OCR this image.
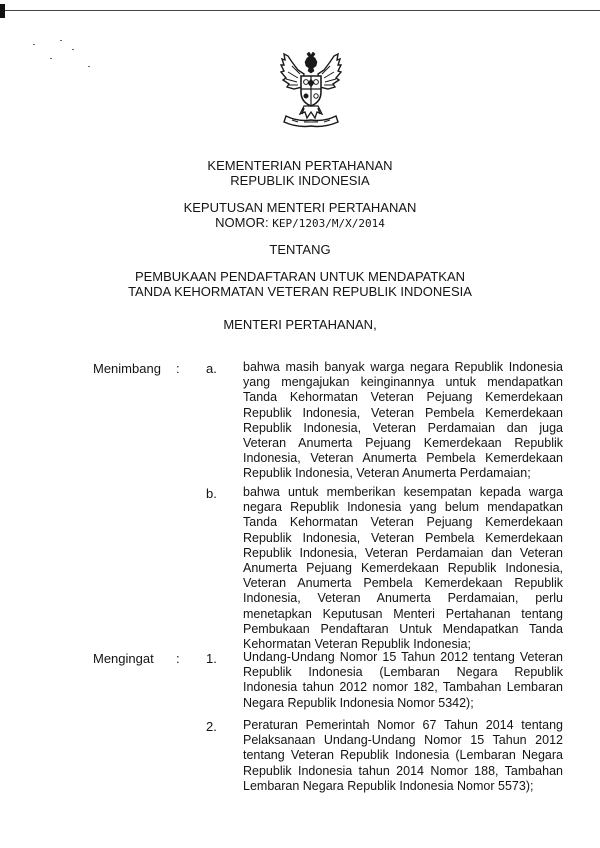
KEMENTERIAN PERTAHANAN
REPUBLIK INDONESIA
KEPUTUSAN MENTERI PERTAHANAN
NOMOR: KEP/1203/M/X/2014
TENTANG
PEMBUKAAN PENDAFTARAN UNTUK MENDAPATKAN
TANDA KEHORMATAN VETERAN REPUBLIK INDONESIA
MENTERI PERTAHANAN,
Menimbang : a. bahwa masih banyak warga negara Republik Indonesia yang mengajukan keinginannya untuk mendapatkan Tanda Kehormatan Veteran Pejuang Kemerdekaan Republik Indonesia, Veteran Pembela Kemerdekaan Republik Indonesia, Veteran Perdamaian dan juga Veteran Anumerta Pejuang Kemerdekaan Republik Indonesia, Veteran Anumerta Pembela Kemerdekaan Republik Indonesia, Veteran Anumerta Perdamaian;
b. bahwa untuk memberikan kesempatan kepada warga negara Republik Indonesia yang belum mendapatkan Tanda Kehormatan Veteran Pejuang Kemerdekaan Republik Indonesia, Veteran Pembela Kemerdekaan Republik Indonesia, Veteran Perdamaian dan Veteran Anumerta Pejuang Kemerdekaan Republik Indonesia, Veteran Anumerta Pembela Kemerdekaan Republik Indonesia, Veteran Anumerta Perdamaian, perlu menetapkan Keputusan Menteri Pertahanan tentang Pembukaan Pendaftaran Untuk Mendapatkan Tanda Kehormatan Veteran Republik Indonesia;
Mengingat : 1. Undang-Undang Nomor 15 Tahun 2012 tentang Veteran Republik Indonesia (Lembaran Negara Republik Indonesia tahun 2012 nomor 182, Tambahan Lembaran Negara Republik Indonesia Nomor 5342);
2. Peraturan Pemerintah Nomor 67 Tahun 2014 tentang Pelaksanaan Undang-Undang Nomor 15 Tahun 2012 tentang Veteran Republik Indonesia (Lembaran Negara Republik Indonesia tahun 2014 Nomor 188, Tambahan Lembaran Negara Republik Indonesia Nomor 5573);
